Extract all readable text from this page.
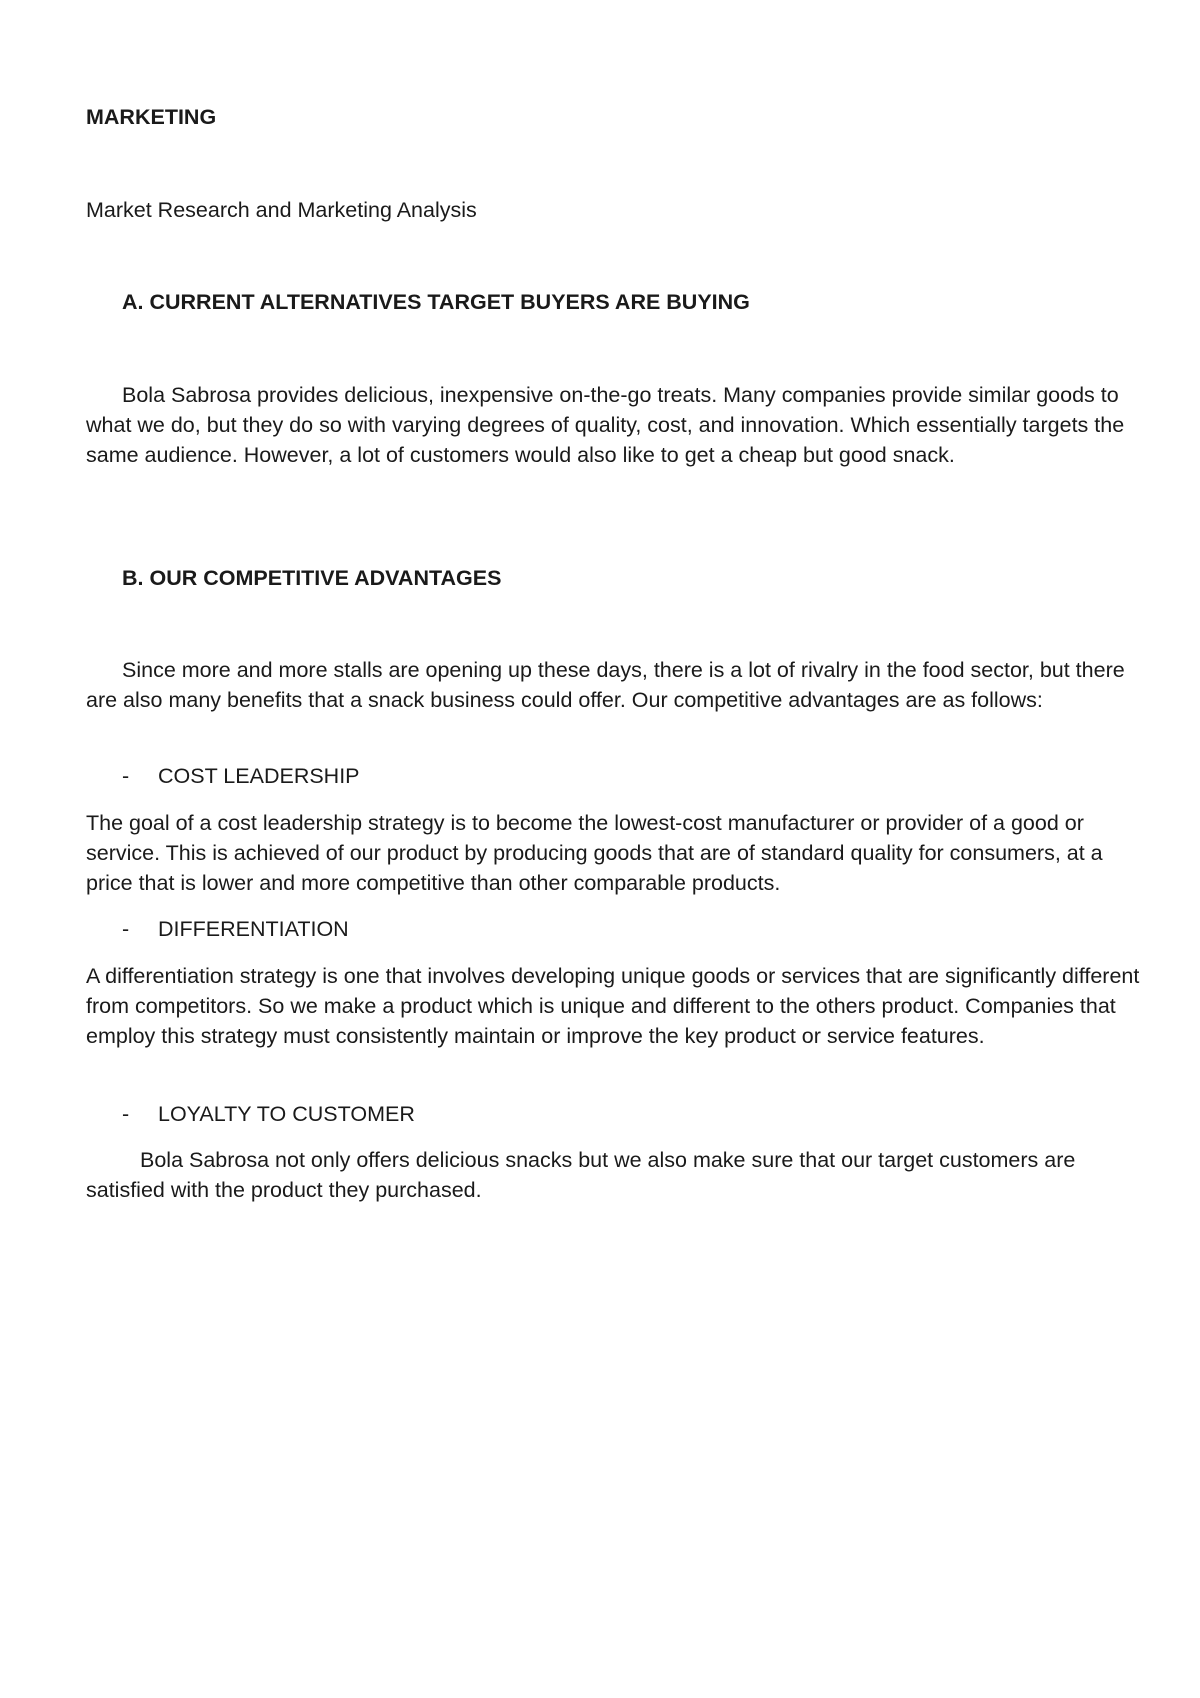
MARKETING

Market Research and Marketing Analysis

A. CURRENT ALTERNATIVES TARGET BUYERS ARE BUYING

Bola Sabrosa provides delicious, inexpensive on-the-go treats. Many companies provide similar goods to what we do, but they do so with varying degrees of quality, cost, and innovation. Which essentially targets the same audience. However, a lot of customers would also like to get a cheap but good snack.

B. OUR COMPETITIVE ADVANTAGES

Since more and more stalls are opening up these days, there is a lot of rivalry in the food sector, but there are also many benefits that a snack business could offer. Our competitive advantages are as follows:

- COST LEADERSHIP

The goal of a cost leadership strategy is to become the lowest-cost manufacturer or provider of a good or service. This is achieved of our product by producing goods that are of standard quality for consumers, at a price that is lower and more competitive than other comparable products.

- DIFFERENTIATION

A differentiation strategy is one that involves developing unique goods or services that are significantly different from competitors. So we make a product which is unique and different to the others product. Companies that employ this strategy must consistently maintain or improve the key product or service features.

- LOYALTY TO CUSTOMER

Bola Sabrosa not only offers delicious snacks but we also make sure that our target customers are satisfied with the product they purchased.
